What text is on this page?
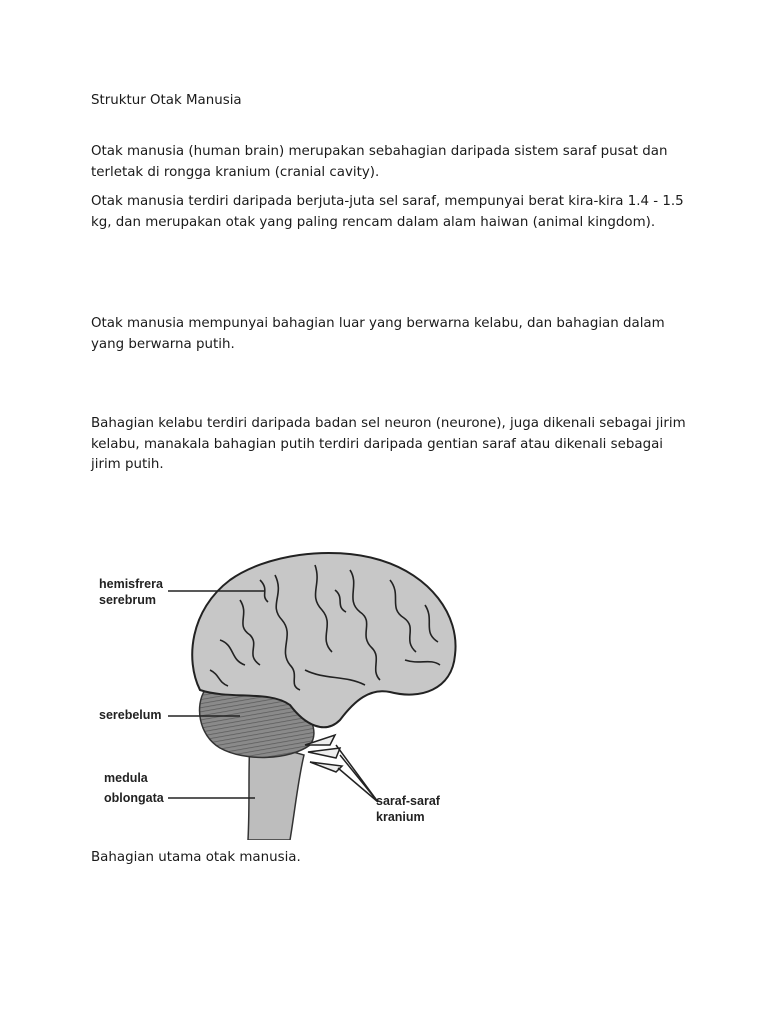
Struktur Otak Manusia

Otak manusia (human brain) merupakan sebahagian daripada sistem saraf pusat dan terletak di rongga kranium (cranial cavity).

Otak manusia terdiri daripada berjuta-juta sel saraf, mempunyai berat kira-kira 1.4 - 1.5 kg, dan merupakan otak yang paling rencam dalam alam haiwan (animal kingdom).

Otak manusia mempunyai bahagian luar yang berwarna kelabu, dan bahagian dalam yang berwarna putih.

Bahagian kelabu terdiri daripada badan sel neuron (neurone), juga dikenali sebagai jirim kelabu, manakala bahagian putih terdiri daripada gentian saraf atau dikenali sebagai jirim putih.

hemisfrera
serebrum
serebelum
medula
oblongata	saraf-saraf
kranium

Bahagian utama otak manusia.
